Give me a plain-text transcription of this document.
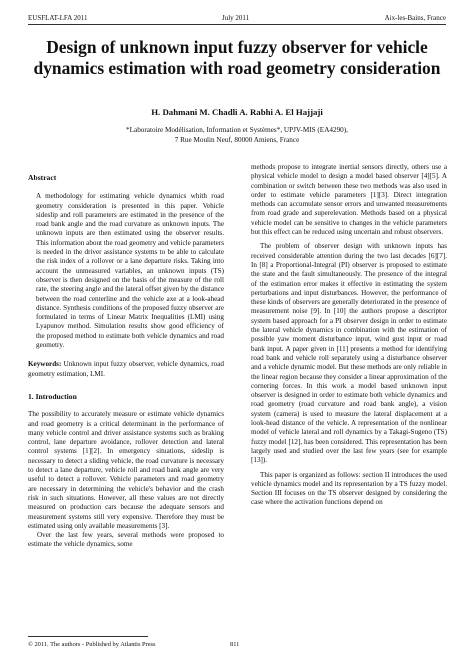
EUSFLAT-LFA 2011	July 2011	Aix-les-Bains, France
Design of unknown input fuzzy observer for vehicle dynamics estimation with road geometry consideration
H. Dahmani M. Chadli A. Rabhi A. El Hajjaji
*Laboratoire Modélisation, Information et Systèmes*, UPJV-MIS (EA4290),
7 Rue Moulin Neuf, 80000 Amiens, France
Abstract

A methodology for estimating vehicle dynamics whith road geometry consideration is presented in this paper. Vehicle sideslip and roll parameters are estimated in the presence of the road bank angle and the road curvature as unknown inputs. The unknown inputs are then estimated using the observer results. This information about the road geometry and vehicle parameters is needed in the driver assistance systems to be able to calculate the risk index of a rollover or a lane departure risks. Taking into account the unmeasured variables, an unknown inputs (TS) observer is then designed on the basis of the measure of the roll rate, the steering angle and the lateral offset given by the distance between the road centerline and the vehicle axe at a look-ahead distance. Synthesis conditions of the proposed fuzzy observer are formulated in terms of Linear Matrix Inequalities (LMI) using Lyapunov method. Simulation results show good efficiency of the proposed method to estimate both vehicle dynamics and road geometry.

Keywords: Unknown input fuzzy observer, vehicle dynamics, road geometry estimation, LMI.

1. Introduction

The possibility to accurately measure or estimate vehicle dynamics and road geometry is a critical determinant in the performance of many vehicle control and driver assistance systems such as braking control, lane departure avoidance, rollover detection and lateral control systems [1][2]. In emergency situations, sideslip is necessary to detect a sliding vehicle, the road curvature is necessary to detect a lane departure, vehicle roll and road bank angle are very useful to detect a rollover. Vehicle parameters and road geometry are necessary in determining the vehicle's behavior and the crash risk in such situations. However, all these values are not directly measured on production cars because the adequate sensors and measurement systems still very expensive. Therefore they must be estimated using only available measurements [3].

Over the last few years, several methods were proposed to estimate the vehicle dynamics, some

methods propose to integrate inertial sensors directly, others use a physical vehicle model to design a model based observer [4][5]. A combination or switch between these two methods was also used in order to estimate vehicle parameters [1][3]. Direct integration methods can accumulate sensor errors and unwanted measurements from road grade and superelevation. Methods based on a physical vehicle model can be sensitive to changes in the vehicle parameters but this effect can be reduced using uncertain and robust observers.

The problem of observer design with unknown inputs has received considerable attention during the two last decades [6][7]. In [8] a Proportional-Integral (PI) observer is proposed to estimate the state and the fault simultaneously. The presence of the integral of the estimation error makes it effective in estimating the system perturbations and input disturbances. However, the performance of these kinds of observers are generally deteriorated in the presence of measurement noise [9]. In [10] the authors propose a descriptor system based approach for a PI observer design in order to estimate the lateral vehicle dynamics in combination with the estimation of possible yaw moment disturbance input, wind gust input or road bank input. A paper given in [11] presents a method for identifying road bank and vehicle roll separately using a disturbance observer and a vehicle dynamic model. But these methods are only reliable in the linear region because they consider a linear approximation of the cornering forces. In this work a model based unknown input observer is designed in order to estimate both vehicle dynamics and road geometry (road curvature and road bank angle), a vision system (camera) is used to measure the lateral displacement at a look-head distance of the vehicle. A representation of the nonlinear model of vehicle lateral and roll dynamics by a Takagi-Sugeno (TS) fuzzy model [12], has been considered. This representation has been largely used and studied over the last few years (see for example [13]).

This paper is organized as follows: section II introduces the used vehicle dynamics model and its representation by a TS fuzzy model. Section III focuses on the TS observer designed by considering the case where the activation functions depend on

© 2011. The authors - Published by Atlantis Press	811
